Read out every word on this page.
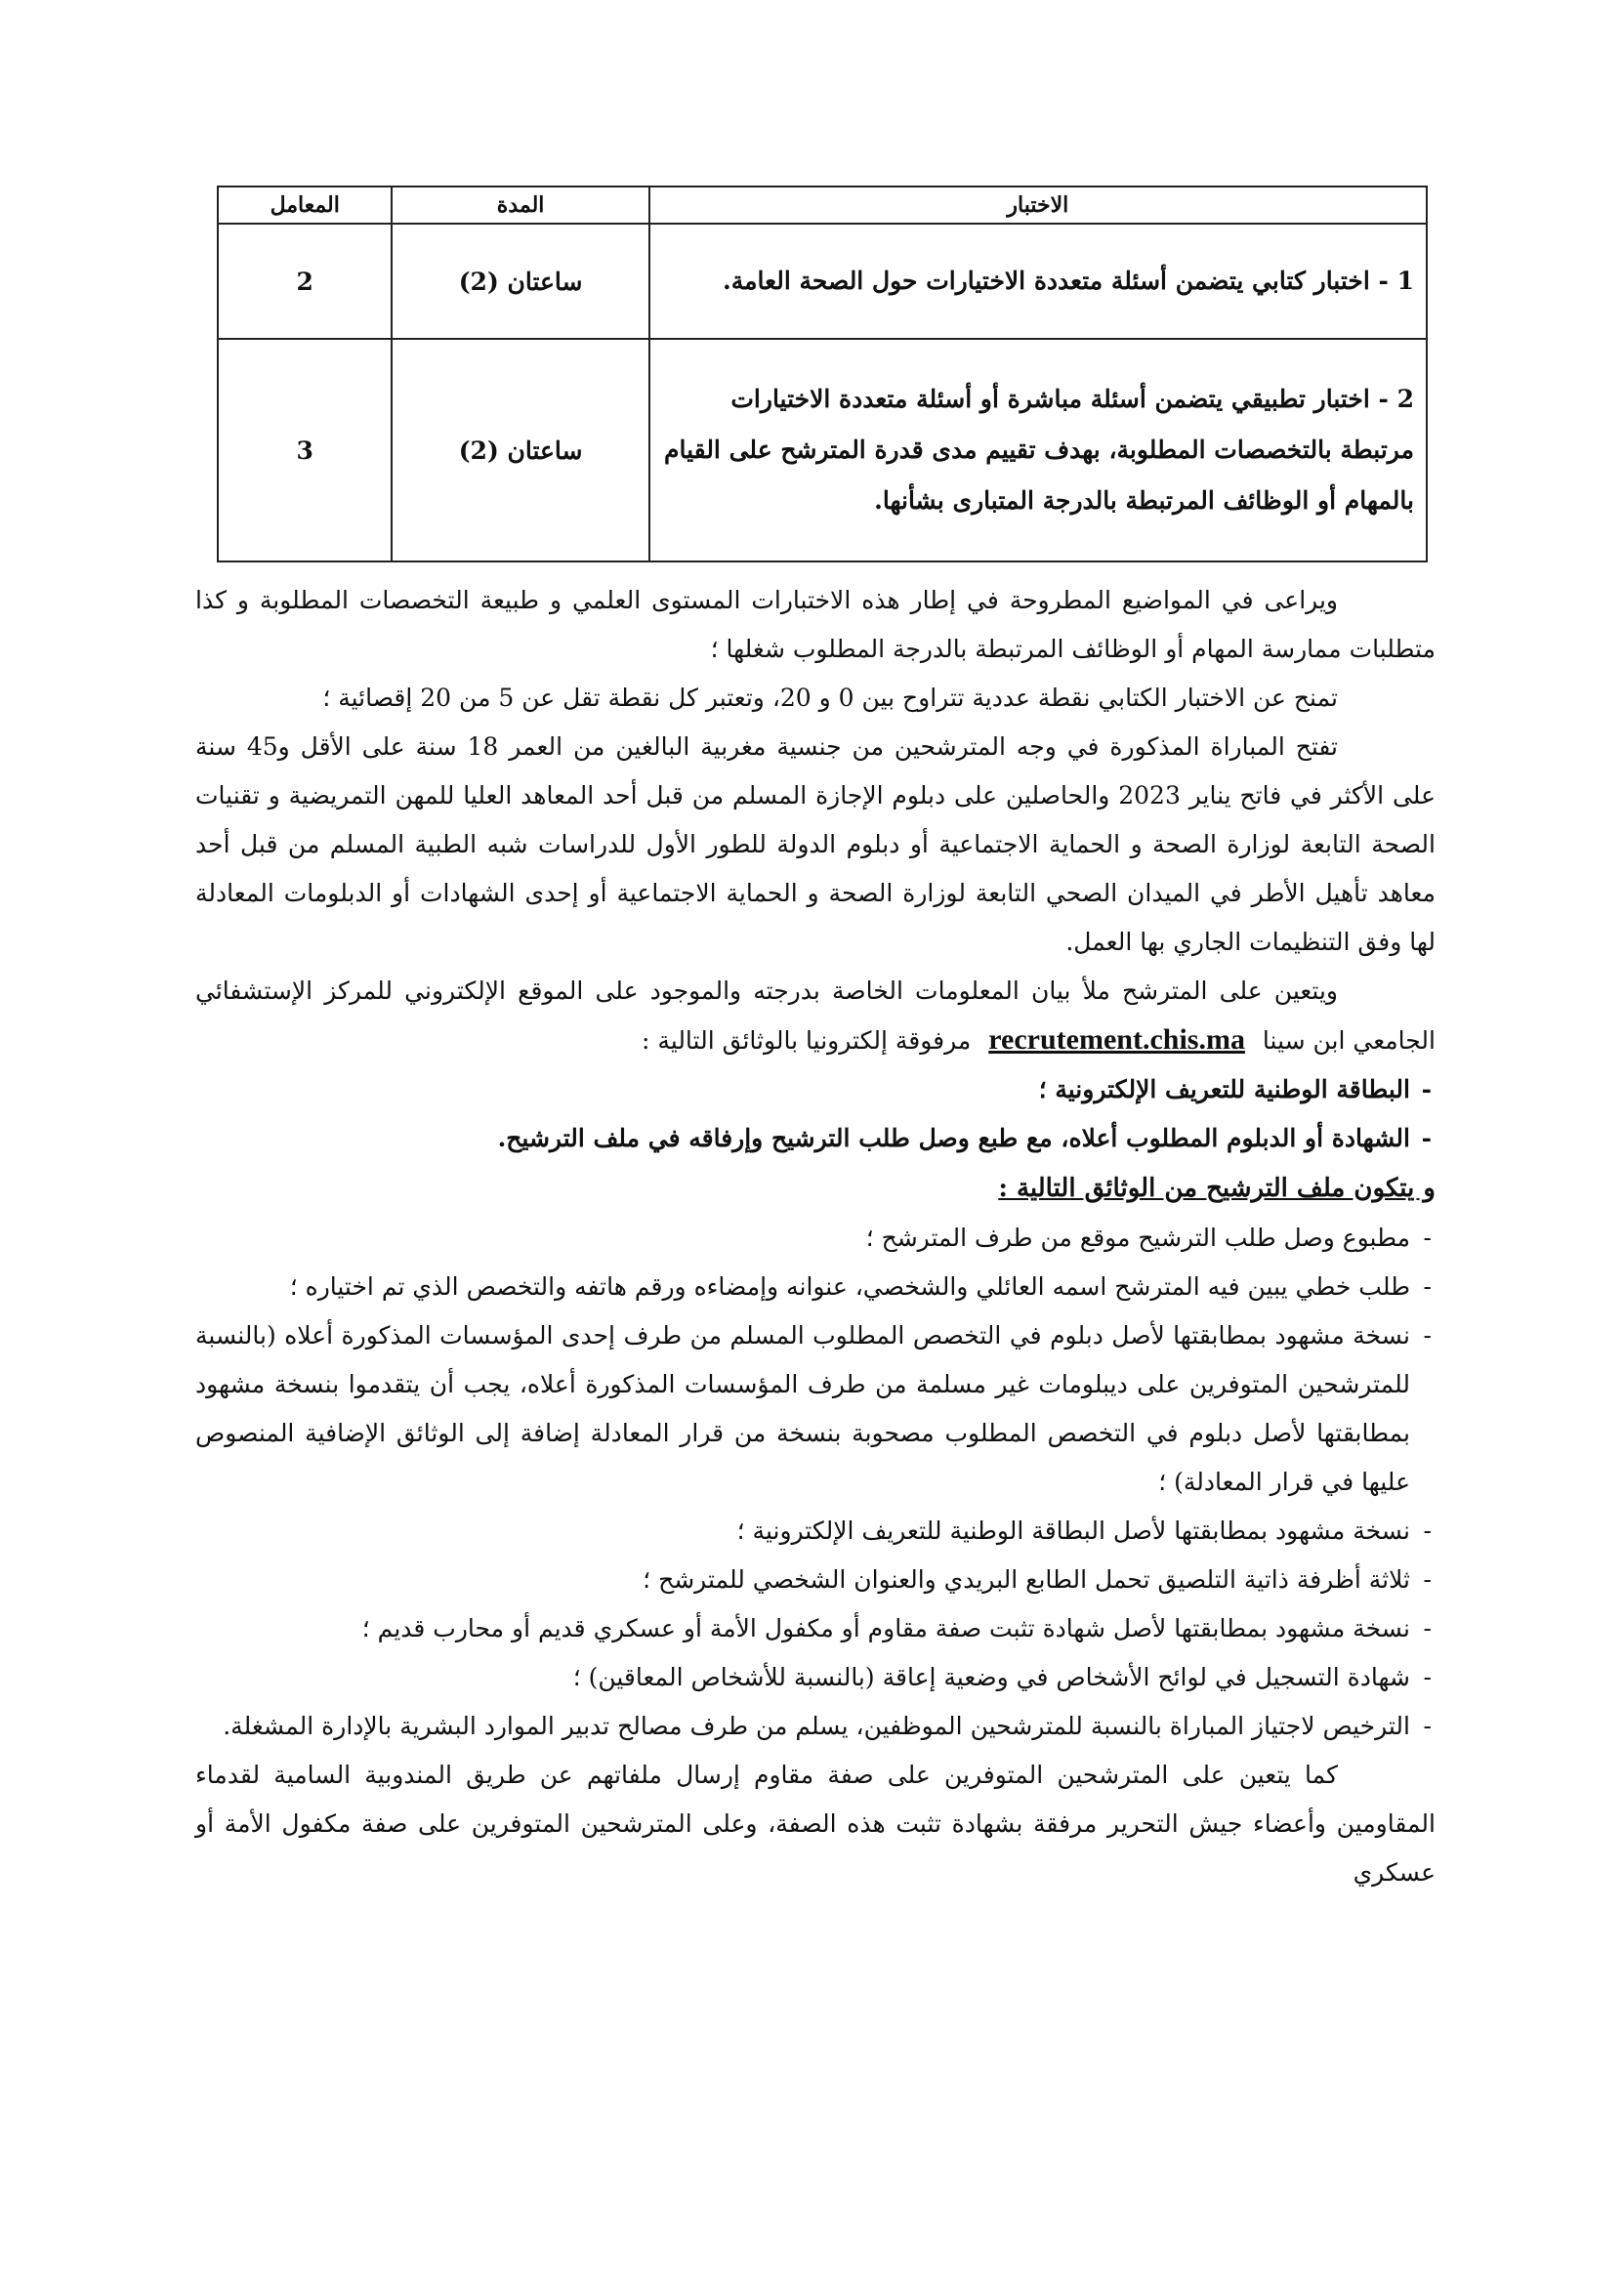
الاختبار	المدة	المعامل
1 - اختبار كتابي يتضمن أسئلة متعددة الاختيارات حول الصحة العامة.	ساعتان (2)	2
2 - اختبار تطبيقي يتضمن أسئلة مباشرة أو أسئلة متعددة الاختيارات مرتبطة بالتخصصات المطلوبة، بهدف تقييم مدى قدرة المترشح على القيام بالمهام أو الوظائف المرتبطة بالدرجة المتبارى بشأنها.	ساعتان (2)	3

ويراعى في المواضيع المطروحة في إطار هذه الاختبارات المستوى العلمي و طبيعة التخصصات المطلوبة و كذا متطلبات ممارسة المهام أو الوظائف المرتبطة بالدرجة المطلوب شغلها ؛

تمنح عن الاختبار الكتابي نقطة عددية تتراوح بين 0 و 20، وتعتبر كل نقطة تقل عن 5 من 20 إقصائية ؛

تفتح المباراة المذكورة في وجه المترشحين من جنسية مغربية البالغين من العمر 18 سنة على الأقل و45 سنة على الأكثر في فاتح يناير 2023 والحاصلين على دبلوم الإجازة المسلم من قبل أحد المعاهد العليا للمهن التمريضية و تقنيات الصحة التابعة لوزارة الصحة و الحماية الاجتماعية أو دبلوم الدولة للطور الأول للدراسات شبه الطبية المسلم من قبل أحد معاهد تأهيل الأطر في الميدان الصحي التابعة لوزارة الصحة و الحماية الاجتماعية أو إحدى الشهادات أو الدبلومات المعادلة لها وفق التنظيمات الجاري بها العمل.

ويتعين على المترشح ملأ بيان المعلومات الخاصة بدرجته والموجود على الموقع الإلكتروني للمركز الإستشفائي الجامعي ابن سينا recrutement.chis.ma مرفوقة إلكترونيا بالوثائق التالية :

- البطاقة الوطنية للتعريف الإلكترونية ؛
- الشهادة أو الدبلوم المطلوب أعلاه، مع طبع وصل طلب الترشيح وإرفاقه في ملف الترشيح.
و يتكون ملف الترشيح من الوثائق التالية :
- مطبوع وصل طلب الترشيح موقع من طرف المترشح ؛
- طلب خطي يبين فيه المترشح اسمه العائلي والشخصي، عنوانه وإمضاءه ورقم هاتفه والتخصص الذي تم اختياره ؛
- نسخة مشهود بمطابقتها لأصل دبلوم في التخصص المطلوب المسلم من طرف إحدى المؤسسات المذكورة أعلاه (بالنسبة للمترشحين المتوفرين على ديبلومات غير مسلمة من طرف المؤسسات المذكورة أعلاه، يجب أن يتقدموا بنسخة مشهود بمطابقتها لأصل دبلوم في التخصص المطلوب مصحوبة بنسخة من قرار المعادلة إضافة إلى الوثائق الإضافية المنصوص عليها في قرار المعادلة) ؛
- نسخة مشهود بمطابقتها لأصل البطاقة الوطنية للتعريف الإلكترونية ؛
- ثلاثة أظرفة ذاتية التلصيق تحمل الطابع البريدي والعنوان الشخصي للمترشح ؛
- نسخة مشهود بمطابقتها لأصل شهادة تثبت صفة مقاوم أو مكفول الأمة أو عسكري قديم أو محارب قديم ؛
- شهادة التسجيل في لوائح الأشخاص في وضعية إعاقة (بالنسبة للأشخاص المعاقين) ؛
- الترخيص لاجتياز المباراة بالنسبة للمترشحين الموظفين، يسلم من طرف مصالح تدبير الموارد البشرية بالإدارة المشغلة.

كما يتعين على المترشحين المتوفرين على صفة مقاوم إرسال ملفاتهم عن طريق المندوبية السامية لقدماء المقاومين وأعضاء جيش التحرير مرفقة بشهادة تثبت هذه الصفة، وعلى المترشحين المتوفرين على صفة مكفول الأمة أو عسكري
